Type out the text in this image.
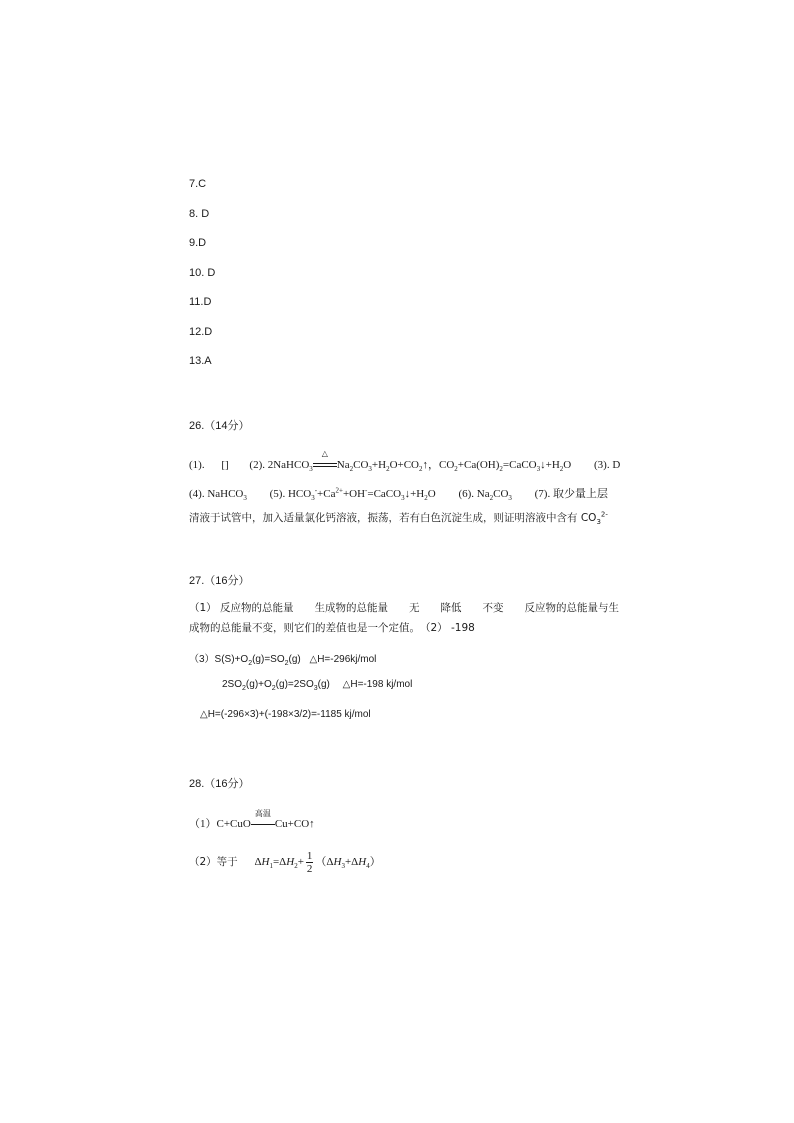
7.C
8. D
9.D
10. D
11.D
12.D
13.A
26.（14分）
(1). [] (2). 2NaHCO$_3$
△
$Na_2CO_3+H_2O+CO_2↑$，$CO_2+Ca(OH)_2=CaCO_3↓+H_2O$ (3). D
(4). NaHCO$_3$ (5). $HCO_3^-+Ca^{2+}+OH^-=CaCO_3↓+H_2O$ (6). $Na_2CO_3$ (7). 取少量上层
清液于试管中，加入适量氯化钙溶液，振荡，若有白色沉淀生成，则证明溶液中含有 $CO_3^{2-}$
27.（16分）
（1） 反应物的总能量　　生成物的总能量　　无　　降低　　不变　　反应物的总能量与生
成物的总能量不变，则它们的差值也是一个定值。　（2） -198
$(3)S(S)+O_2(g)=SO_2(g)$ △H=-296kj/mol
$2SO_2(g)+O_2(g)=2SO_3(g)$ △H=-198 kj/mol
△H=(-296×3)+(-198×3/2)=-1185 kj/mol
28.（16分）
（1）C+CuO
高温
Cu+CO↑
（2）等于 $\Delta H_1=\Delta H_2+ \frac{1}{2} (\Delta H_3+\Delta H_4)$
